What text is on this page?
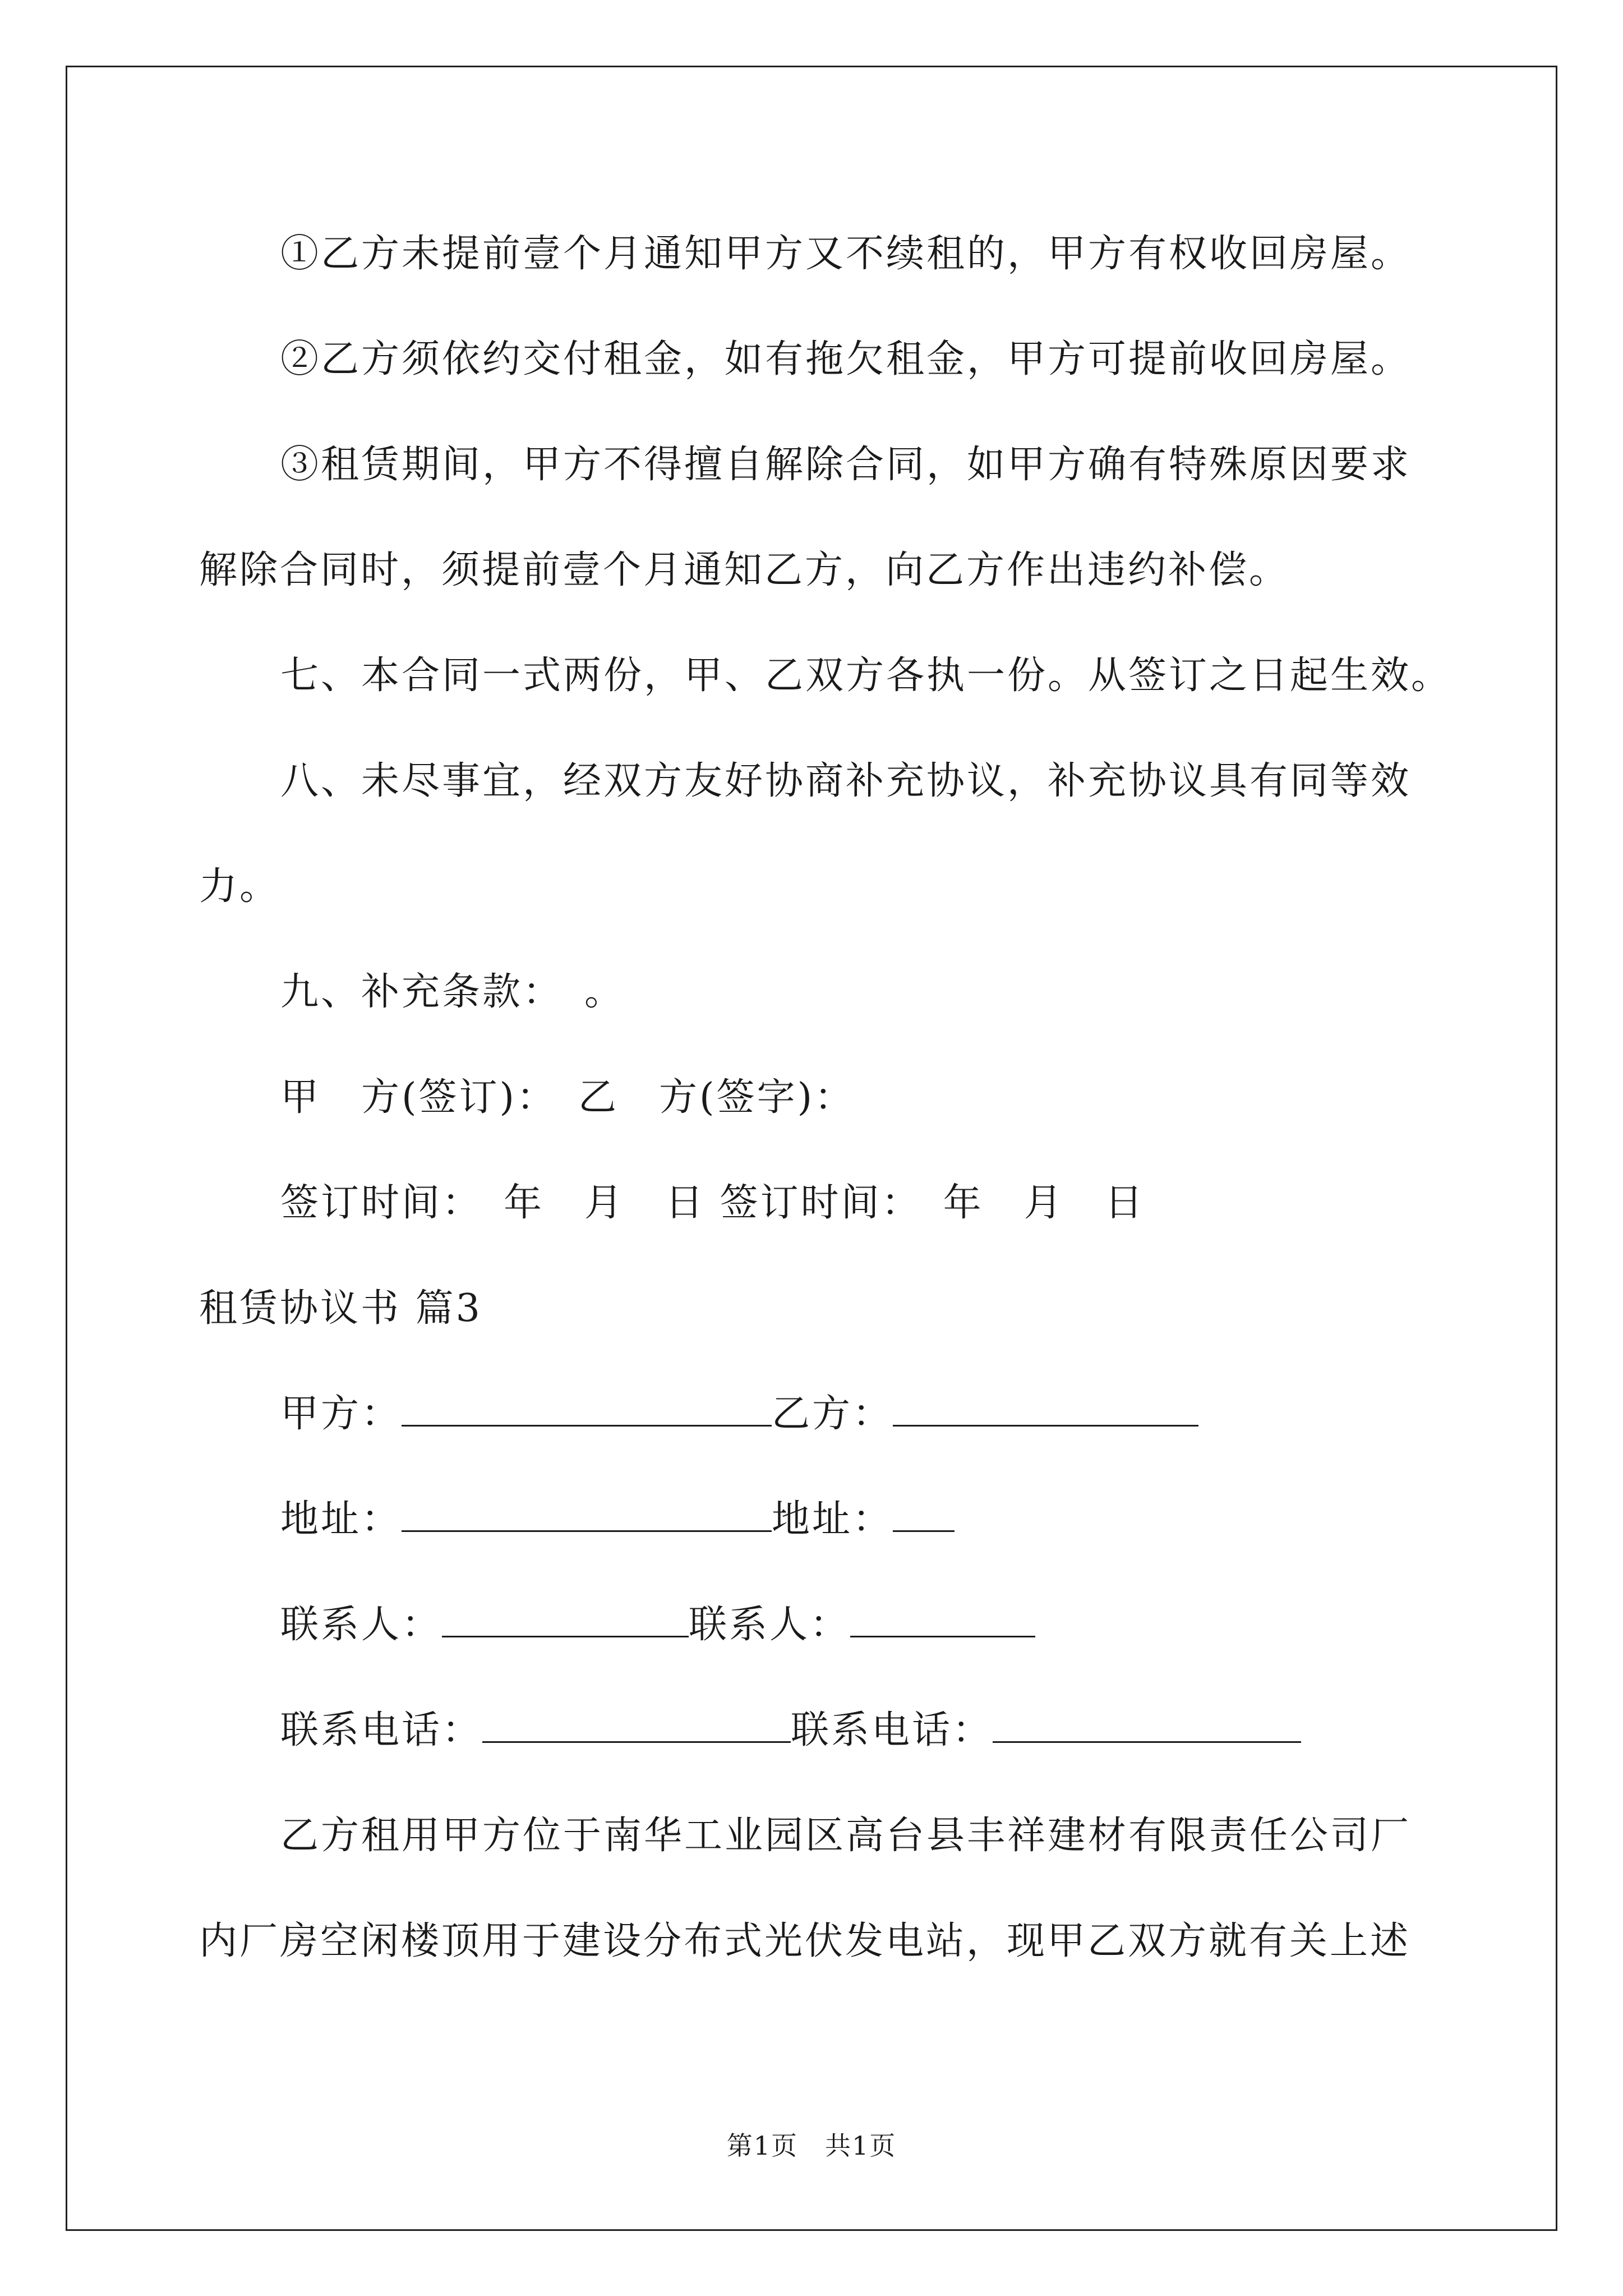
①乙方未提前壹个月通知甲方又不续租的，甲方有权收回房屋。
②乙方须依约交付租金，如有拖欠租金，甲方可提前收回房屋。
③租赁期间，甲方不得擅自解除合同，如甲方确有特殊原因要求
解除合同时，须提前壹个月通知乙方，向乙方作出违约补偿。
七、本合同一式两份，甲、乙双方各执一份。从签订之日起生效。
八、未尽事宜，经双方友好协商补充协议，补充协议具有同等效
力。
九、补充条款：　。
甲　方(签订)：　乙　方(签字)：
签订时间：　年　月　日 签订时间：　年　月　日
租赁协议书 篇3
甲方：	乙方：
地址：	地址：
联系人：	联系人：
联系电话：	联系电话：
乙方租用甲方位于南华工业园区高台县丰祥建材有限责任公司厂
内厂房空闲楼顶用于建设分布式光伏发电站，现甲乙双方就有关上述
第1页　共1页
